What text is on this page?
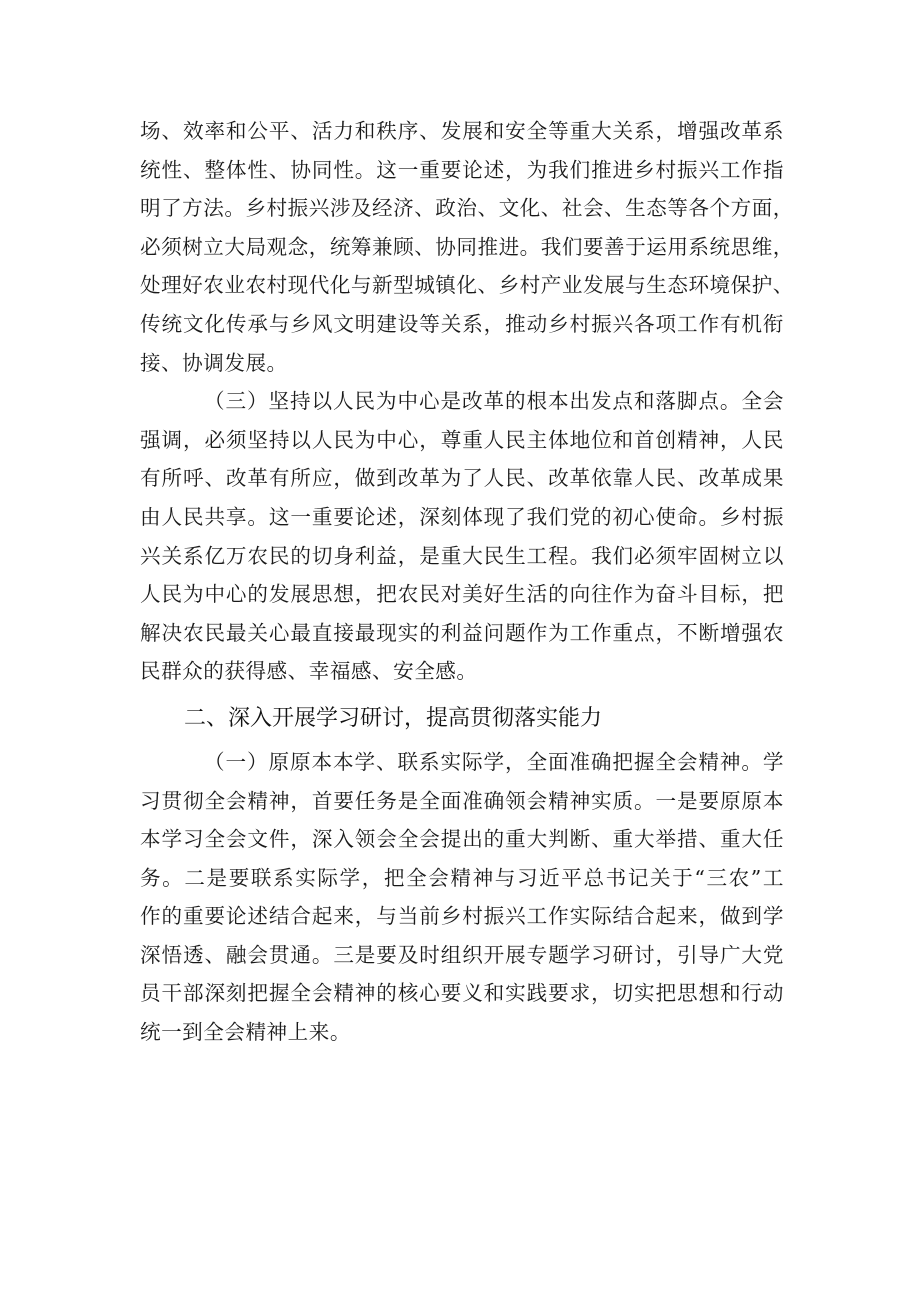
场、效率和公平、活力和秩序、发展和安全等重大关系，增强改革系
统性、整体性、协同性。这一重要论述，为我们推进乡村振兴工作指
明了方法。乡村振兴涉及经济、政治、文化、社会、生态等各个方面，
必须树立大局观念，统筹兼顾、协同推进。我们要善于运用系统思维，
处理好农业农村现代化与新型城镇化、乡村产业发展与生态环境保护、
传统文化传承与乡风文明建设等关系，推动乡村振兴各项工作有机衔
接、协调发展。
（三）坚持以人民为中心是改革的根本出发点和落脚点。全会
强调，必须坚持以人民为中心，尊重人民主体地位和首创精神，人民
有所呼、改革有所应，做到改革为了人民、改革依靠人民、改革成果
由人民共享。这一重要论述，深刻体现了我们党的初心使命。乡村振
兴关系亿万农民的切身利益，是重大民生工程。我们必须牢固树立以
人民为中心的发展思想，把农民对美好生活的向往作为奋斗目标，把
解决农民最关心最直接最现实的利益问题作为工作重点，不断增强农
民群众的获得感、幸福感、安全感。
二、深入开展学习研讨，提高贯彻落实能力
（一）原原本本学、联系实际学，全面准确把握全会精神。学
习贯彻全会精神，首要任务是全面准确领会精神实质。一是要原原本
本学习全会文件，深入领会全会提出的重大判断、重大举措、重大任
务。二是要联系实际学，把全会精神与习近平总书记关于“三农”工
作的重要论述结合起来，与当前乡村振兴工作实际结合起来，做到学
深悟透、融会贯通。三是要及时组织开展专题学习研讨，引导广大党
员干部深刻把握全会精神的核心要义和实践要求，切实把思想和行动
统一到全会精神上来。
